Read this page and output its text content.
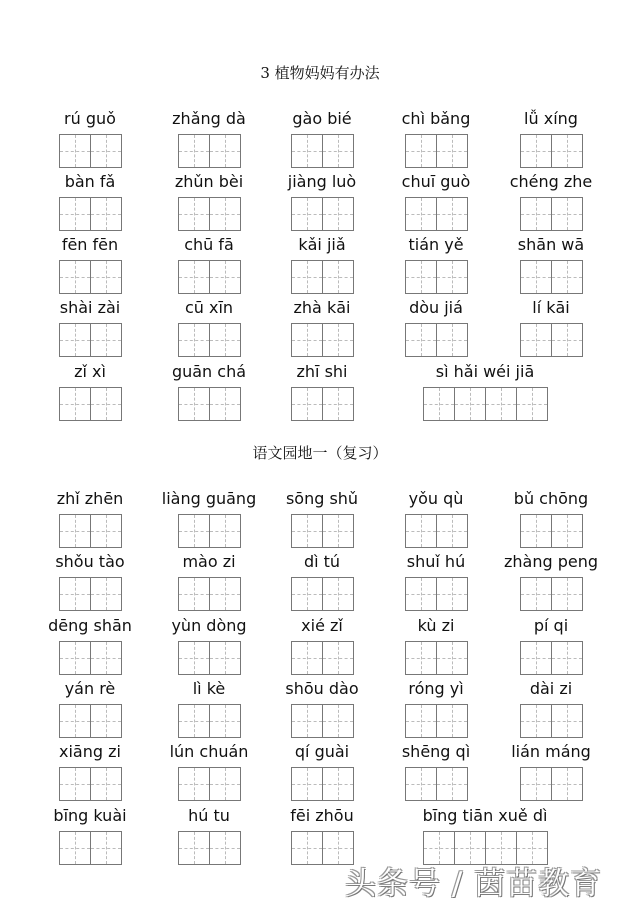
3 植物妈妈有办法
rú guǒ	zhǎng dà	gào bié	chì bǎng	lǚ xíng
bàn fǎ	zhǔn bèi	jiàng luò	chuī guò	chéng zhe
fēn fēn	chū fā	kǎi jiǎ	tián yě	shān wā
shài zài	cū xīn	zhà kāi	dòu jiá	lí kāi
zǐ xì	guān chá	zhī shi	sì hǎi wéi jiā
语文园地一（复习）
zhǐ zhēn	liàng guāng	sōng shǔ	yǒu qù	bǔ chōng
shǒu tào	mào zi	dì tú	shuǐ hú	zhàng peng
dēng shān	yùn dòng	xié zǐ	kù zi	pí qi
yán rè	lì kè	shōu dào	róng yì	dài zi
xiāng zi	lún chuán	qí guài	shēng qì	lián máng
bīng kuài	hú tu	fēi zhōu	bīng tiān xuě dì
头条号 / 茵苗教育
